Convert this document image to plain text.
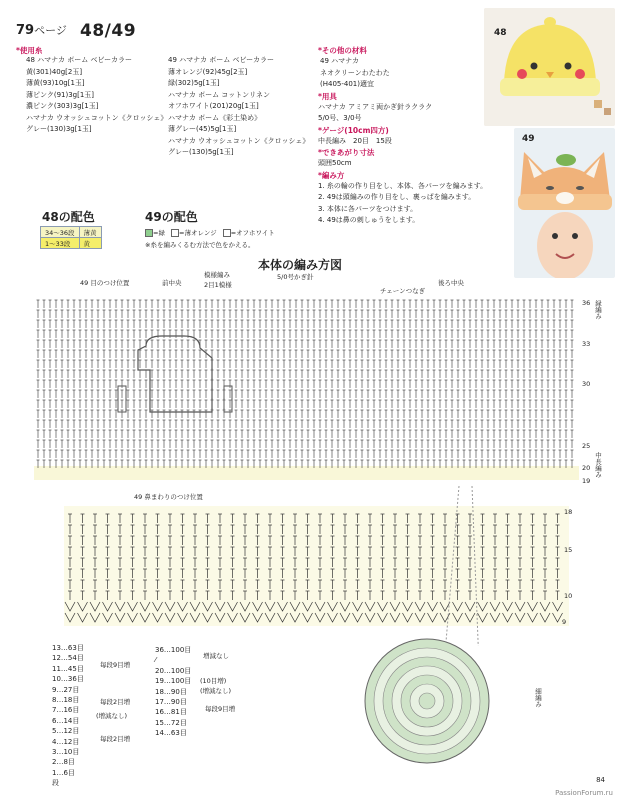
79ページ 48/49
*使用糸
48 ハマナカ ボーム ベビーカラー
黄(301)40g[2玉]
薄黄(93)10g[1玉]
薄ピンク(91)3g[1玉]
濃ピンク(303)3g[1玉]
ハマナカ ウオッシュコットン《クロッシェ》
グレー(130)3g[1玉]
49 ハマナカ ボーム ベビーカラー
薄オレンジ(92)45g[2玉]
緑(302)5g[1玉]
ハマナカ ボーム コットンリネン
オフホワイト(201)20g[1玉]
ハマナカ ボーム《彩土染め》
薄グレー(45)5g[1玉]
ハマナカ ウオッシュコットン《クロッシェ》
グレー(130)5g[1玉]
*その他の材料
49 ハマナカ
ネオクリーンわたわた
(H405-401)適宜
*用具
ハマナカ アミアミ両かぎ針ラクラク
5/0号、3/0号
*ゲージ(10cm四方)
中長編み　20目　15段
*できあがり寸法
頭囲50cm
*編み方
1. 糸の輪の作り目をし、本体、各パーツを編みます。
2. 49は頭編みの作り目をし、裏っぱを編みます。
3. 本体に各パーツをつけます。
4. 49は鼻の刺しゅうをします。
48
49
48の配色
34〜36段	薄黄
1〜33段	黄
49の配色
=緑 =薄オレンジ =オフホワイト
※糸を編みくるむ方法で色をかえる。
本体の編み方図
5/0号かぎ針
49 目のつけ位置	前中央
模様編み
2目1模様
チェーンつなぎ
後ろ中央
縁編み
中長編み
49 鼻まわりのつけ位置
細編み
36
33
30
25
20
19
18
15
10
9
13…63目
12…54目
11…45目
10…36目
9…27目
8…18目
7…16目
6…14目
5…12目
4…12目
3…10目
2…8目
1…6目
段
36…100目
⁄
20…100目
19…100目
18…90目
17…90目
16…81目
15…72目
14…63目
毎段9目増
毎段2目増
(増減なし)
毎段2目増
増減なし
(10目増)
(増減なし)
毎段9目増
84
PassionForum.ru
